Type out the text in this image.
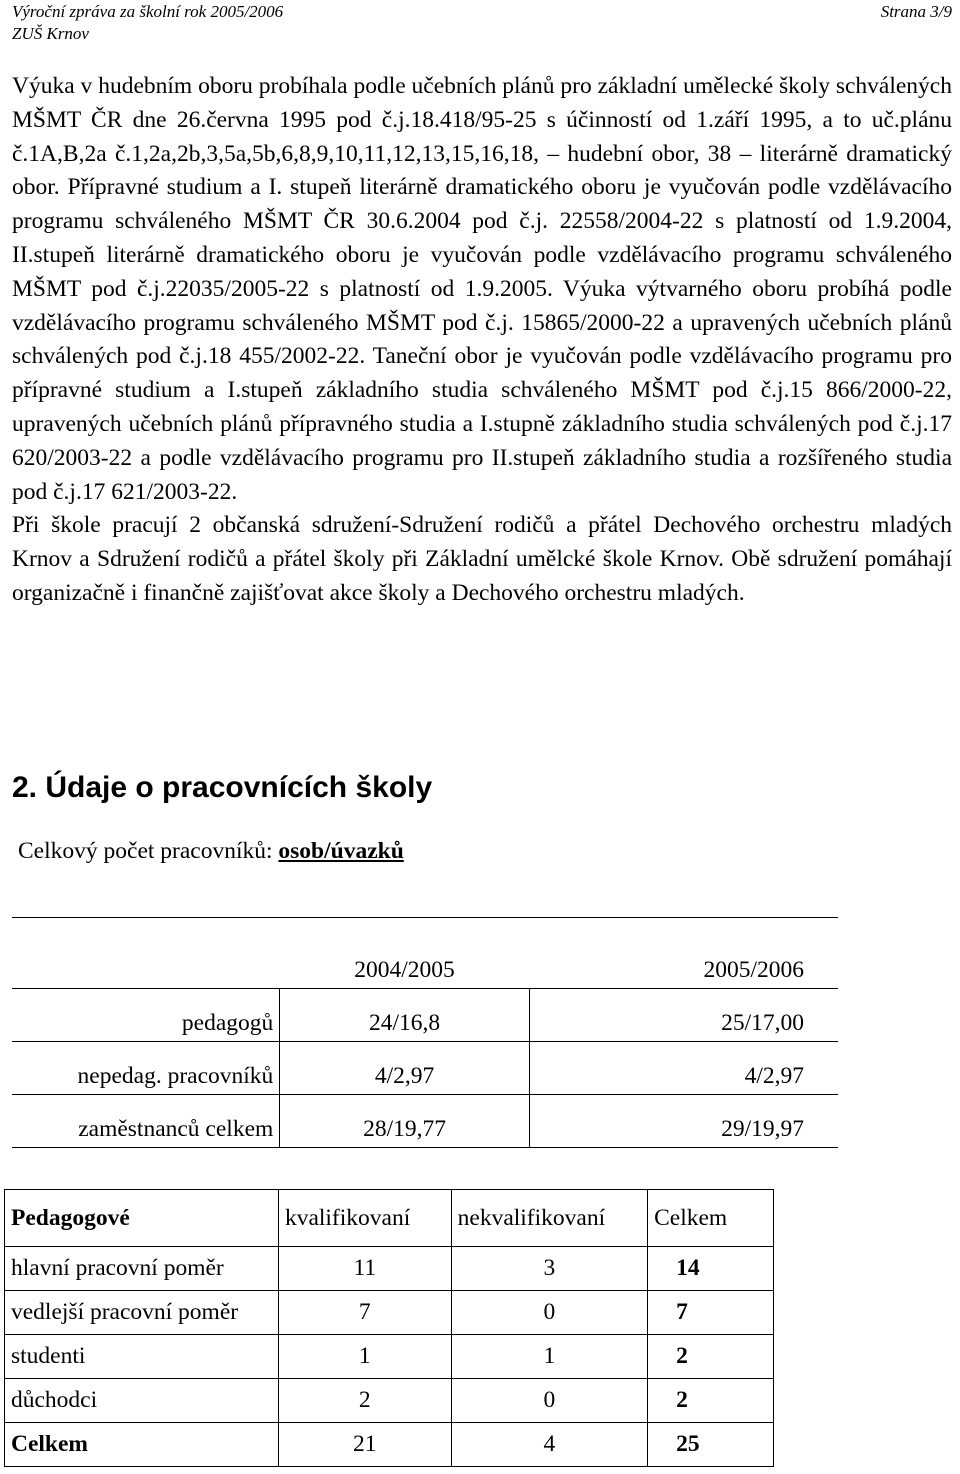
Výroční zpráva za školní rok 2005/2006
ZUŠ Krnov
Strana 3/9

Výuka v hudebním oboru probíhala podle učebních plánů pro základní umělecké školy schválených MŠMT ČR dne 26.června 1995 pod č.j.18.418/95-25 s účinností od 1.září 1995, a to uč.plánu č.1A,B,2a č.1,2a,2b,3,5a,5b,6,8,9,10,11,12,13,15,16,18, – hudební obor, 38 – literárně dramatický obor. Přípravné studium a I. stupeň literárně dramatického oboru je vyučován podle vzdělávacího programu schváleného MŠMT ČR 30.6.2004 pod č.j. 22558/2004-22 s platností od 1.9.2004, II.stupeň literárně dramatického oboru je vyučován podle vzdělávacího programu schváleného MŠMT pod č.j.22035/2005-22 s platností od 1.9.2005. Výuka výtvarného oboru probíhá podle vzdělávacího programu schváleného MŠMT pod č.j. 15865/2000-22 a upravených učebních plánů schválených pod č.j.18 455/2002-22. Taneční obor je vyučován podle vzdělávacího programu pro přípravné studium a I.stupeň základního studia schváleného MŠMT pod č.j.15 866/2000-22, upravených učebních plánů přípravného studia a I.stupně základního studia schválených pod č.j.17 620/2003-22 a podle vzdělávacího programu pro II.stupeň základního studia a rozšířeného studia pod č.j.17 621/2003-22.

Při škole pracují 2 občanská sdružení-Sdružení rodičů a přátel Dechového orchestru mladých Krnov a Sdružení rodičů a přátel školy při Základní umělcké škole Krnov. Obě sdružení pomáhají organizačně i finančně zajišťovat akce školy a Dechového orchestru mladých.

2. Údaje o pracovnících školy
Celkový počet pracovníků: osob/úvazků
	2004/2005	2005/2006
pedagogů	24/16,8	25/17,00
nepedag. pracovníků	4/2,97	4/2,97
zaměstnanců celkem	28/19,77	29/19,97
Pedagogové	kvalifikovaní	nekvalifikovaní	Celkem
hlavní pracovní poměr	11	3	14
vedlejší pracovní poměr	7	0	7
studenti	1	1	2
důchodci	2	0	2
Celkem	21	4	25
